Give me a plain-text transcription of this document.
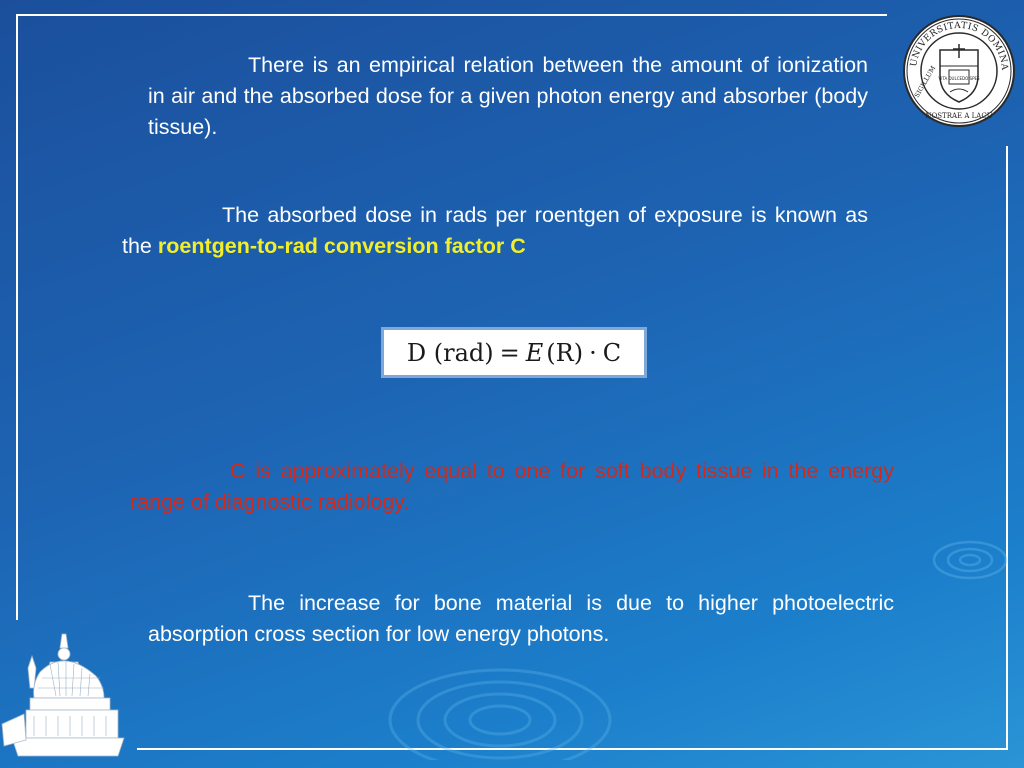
UNIVERSITATIS DOMINA
NOSTRAE A LACU
SIGILLUM VITA DULCEDO SPES
There is an empirical relation between the amount of ionization in air and the absorbed dose for a given photon energy and absorber (body tissue).
The absorbed dose in rads per roentgen of exposure is known as the roentgen-to-rad conversion factor C
D (rad) = E (R) · C
C is approximately equal to one for soft body tissue in the energy range of diagnostic radiology.
The increase for bone material is due to higher photoelectric absorption cross section for low energy photons.
